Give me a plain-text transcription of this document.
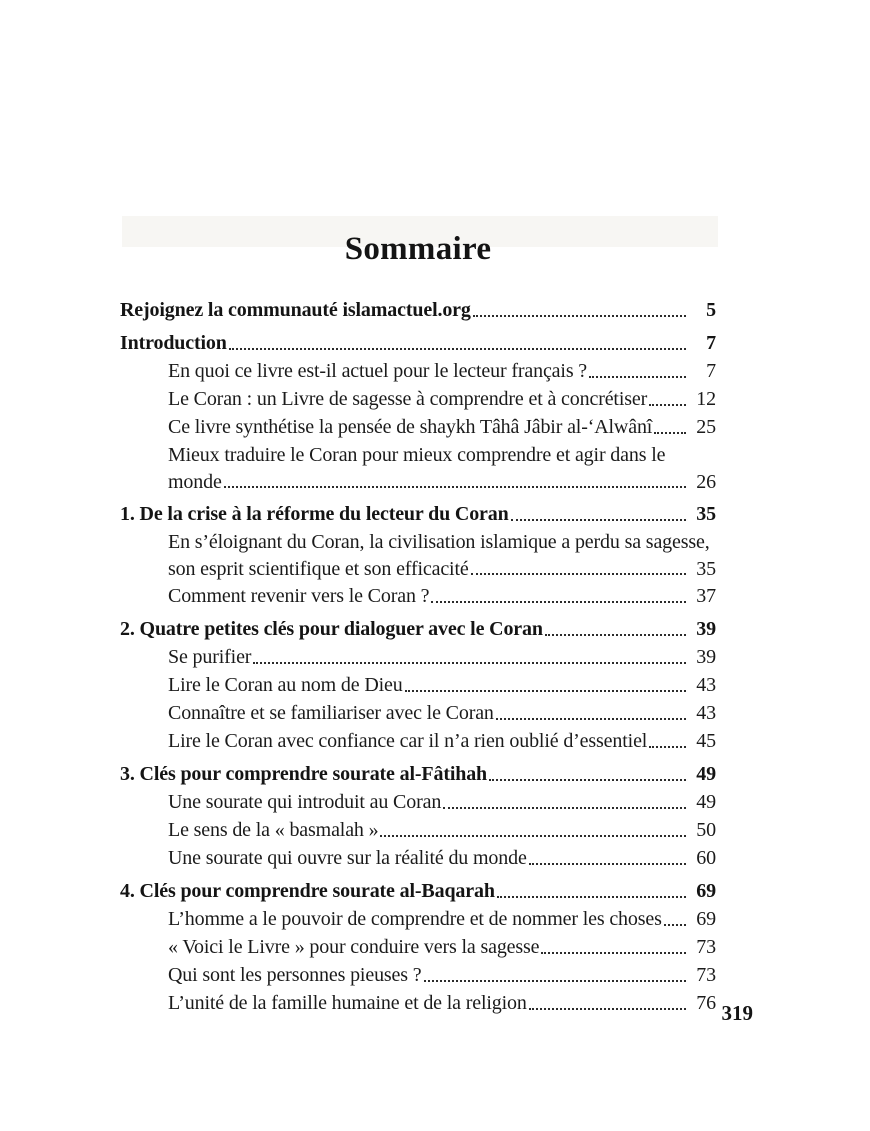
Sommaire
Rejoignez la communauté islamactuel.org	5
Introduction	7
En quoi ce livre est-il actuel pour le lecteur français ?	7
Le Coran : un Livre de sagesse à comprendre et à concrétiser	12
Ce livre synthétise la pensée de shaykh Tâhâ Jâbir al-‘Alwânî	25
Mieux traduire le Coran pour mieux comprendre et agir dans le
monde	26
1. De la crise à la réforme du lecteur du Coran	35
En s’éloignant du Coran, la civilisation islamique a perdu sa sagesse,
son esprit scientifique et son efficacité	35
Comment revenir vers le Coran ?	37
2. Quatre petites clés pour dialoguer avec le Coran	39
Se purifier	39
Lire le Coran au nom de Dieu	43
Connaître et se familiariser avec le Coran	43
Lire le Coran avec confiance car il n’a rien oublié d’essentiel	45
3. Clés pour comprendre sourate al-Fâtihah	49
Une sourate qui introduit au Coran	49
Le sens de la « basmalah »	50
Une sourate qui ouvre sur la réalité du monde	60
4. Clés pour comprendre sourate al-Baqarah	69
L’homme a le pouvoir de comprendre et de nommer les choses	69
« Voici le Livre » pour conduire vers la sagesse	73
Qui sont les personnes pieuses ?	73
L’unité de la famille humaine et de la religion	76 319
